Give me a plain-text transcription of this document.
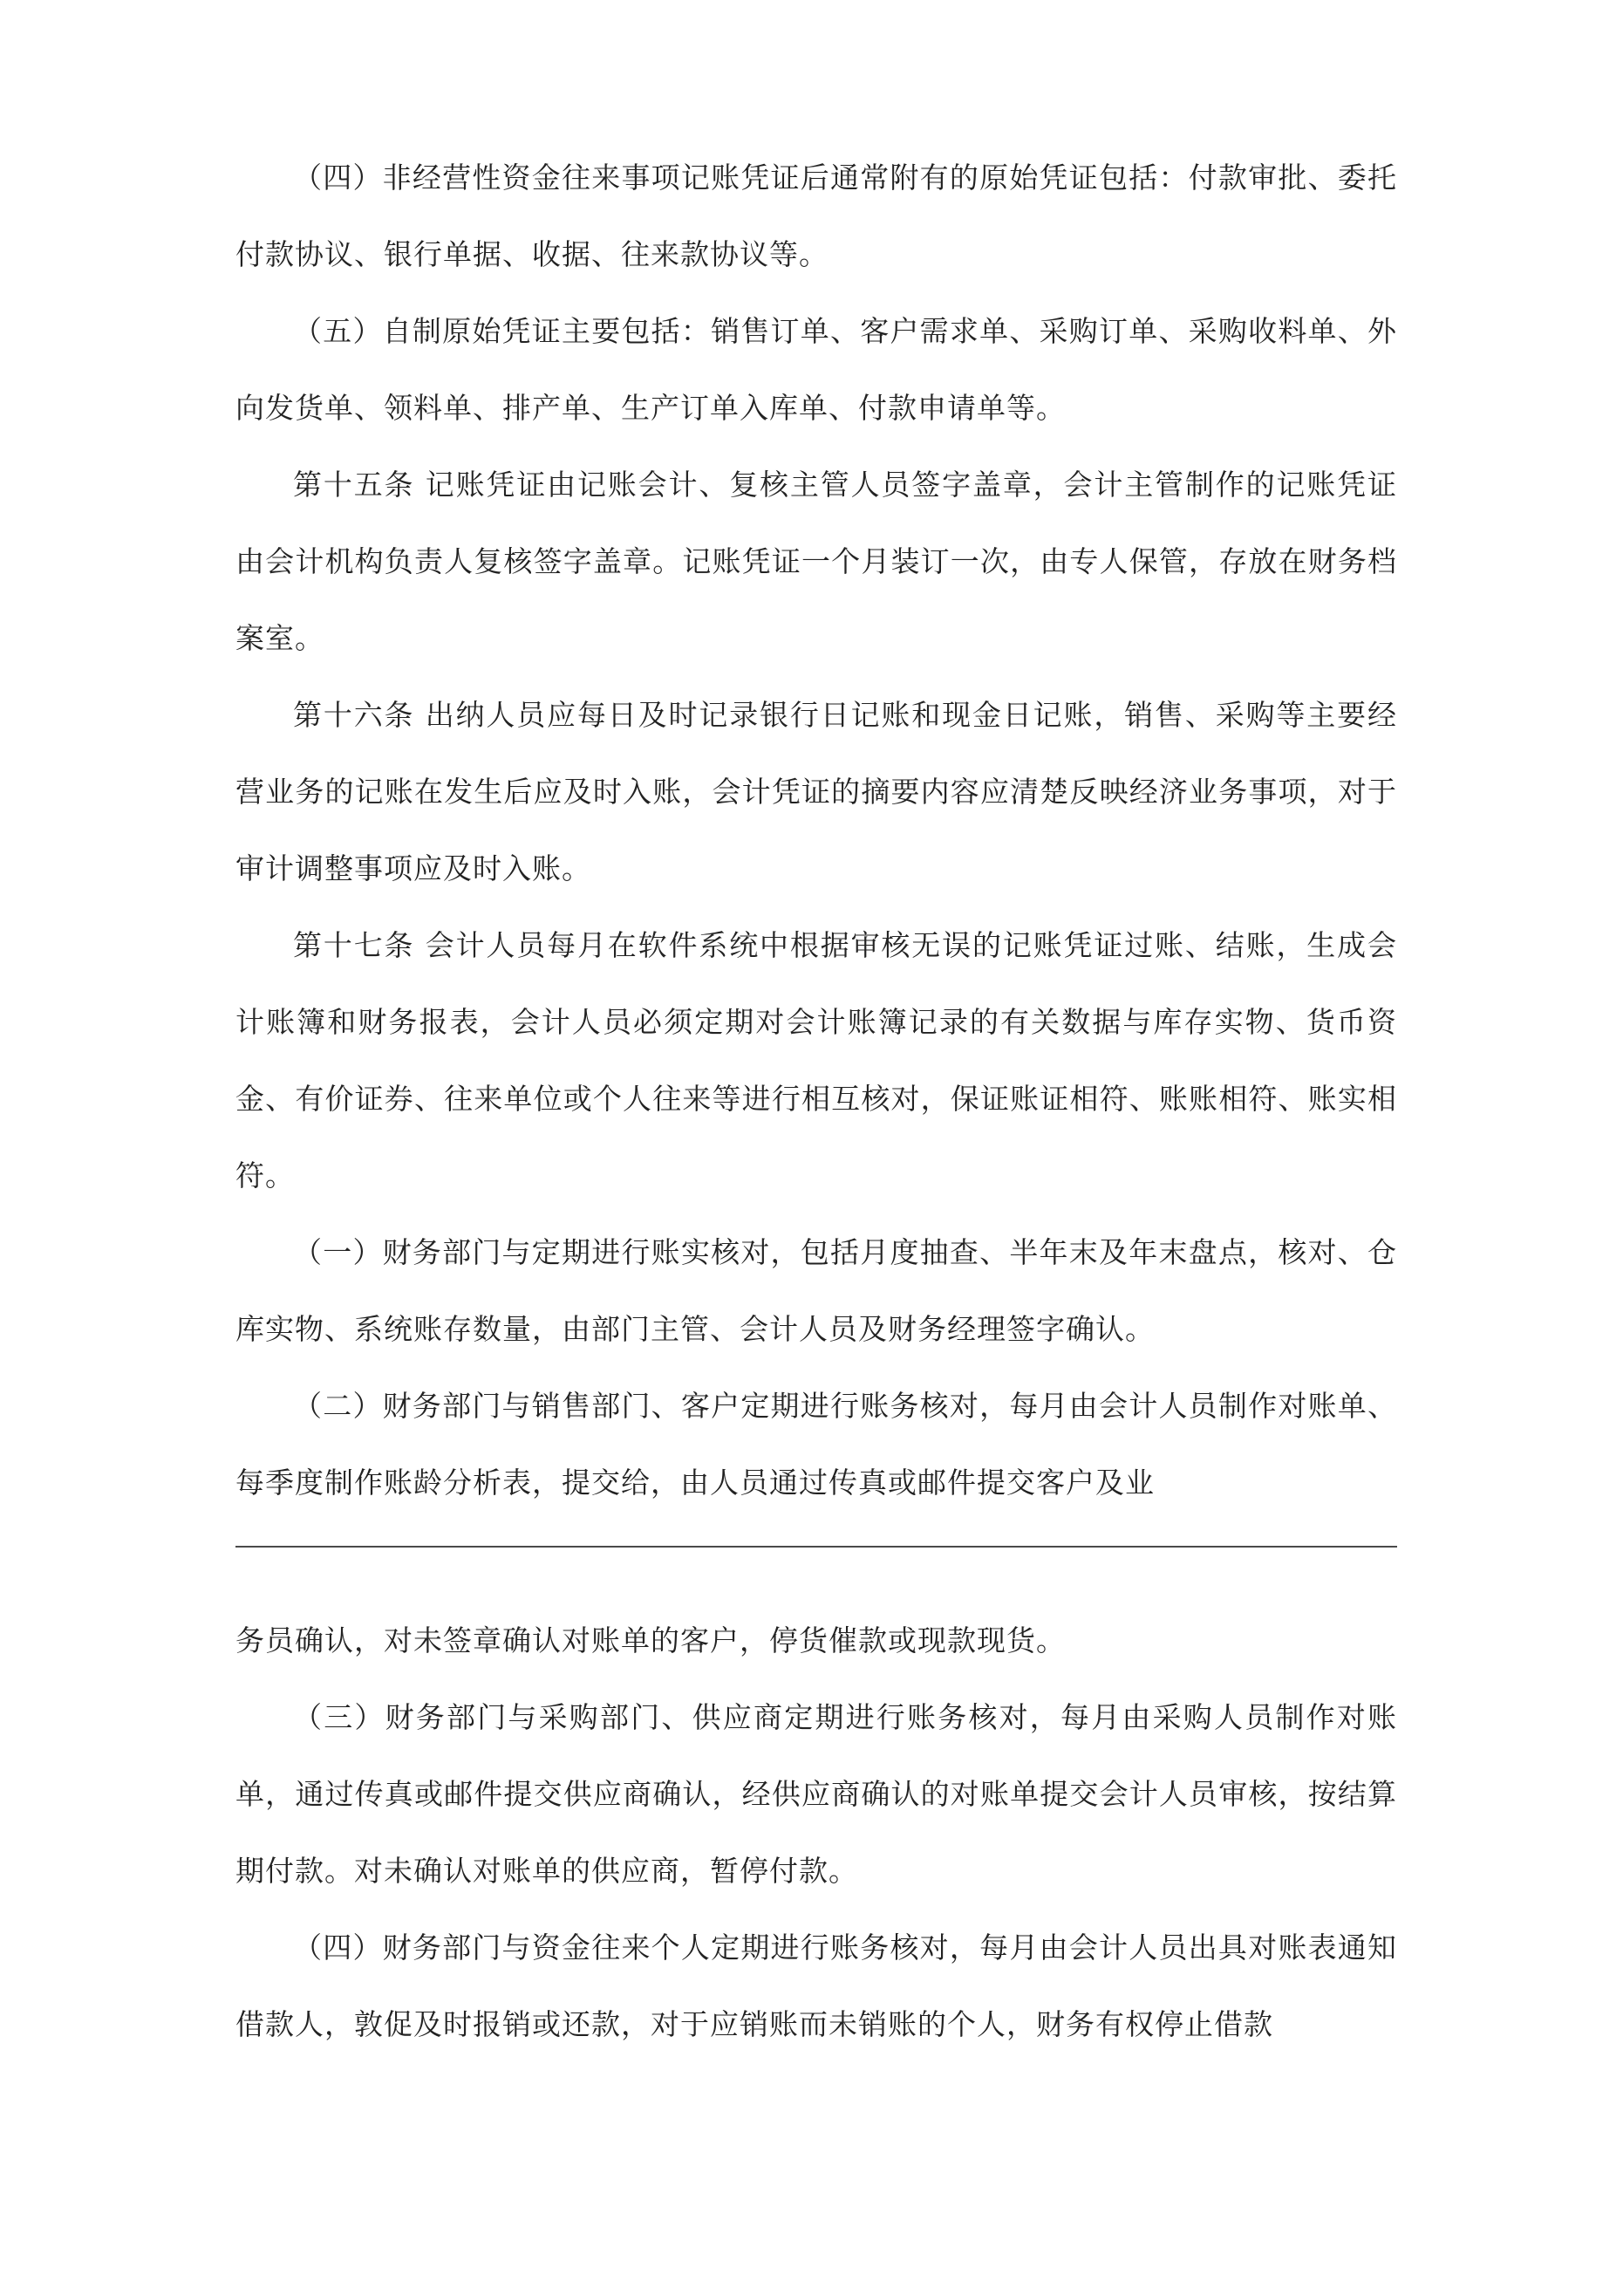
（四）非经营性资金往来事项记账凭证后通常附有的原始凭证包括：付款审批、委托付款协议、银行单据、收据、往来款协议等。

（五）自制原始凭证主要包括：销售订单、客户需求单、采购订单、采购收料单、外向发货单、领料单、排产单、生产订单入库单、付款申请单等。

第十五条 记账凭证由记账会计、复核主管人员签字盖章，会计主管制作的记账凭证由会计机构负责人复核签字盖章。记账凭证一个月装订一次，由专人保管，存放在财务档案室。

第十六条 出纳人员应每日及时记录银行日记账和现金日记账，销售、采购等主要经营业务的记账在发生后应及时入账，会计凭证的摘要内容应清楚反映经济业务事项，对于审计调整事项应及时入账。

第十七条 会计人员每月在软件系统中根据审核无误的记账凭证过账、结账，生成会计账簿和财务报表，会计人员必须定期对会计账簿记录的有关数据与库存实物、货币资金、有价证券、往来单位或个人往来等进行相互核对，保证账证相符、账账相符、账实相符。

（一）财务部门与定期进行账实核对，包括月度抽查、半年末及年末盘点，核对、仓库实物、系统账存数量，由部门主管、会计人员及财务经理签字确认。

（二）财务部门与销售部门、客户定期进行账务核对，每月由会计人员制作对账单、每季度制作账龄分析表，提交给，由人员通过传真或邮件提交客户及业

务员确认，对未签章确认对账单的客户，停货催款或现款现货。

（三）财务部门与采购部门、供应商定期进行账务核对，每月由采购人员制作对账单，通过传真或邮件提交供应商确认，经供应商确认的对账单提交会计人员审核，按结算期付款。对未确认对账单的供应商，暂停付款。

（四）财务部门与资金往来个人定期进行账务核对，每月由会计人员出具对账表通知借款人，敦促及时报销或还款，对于应销账而未销账的个人，财务有权停止借款
